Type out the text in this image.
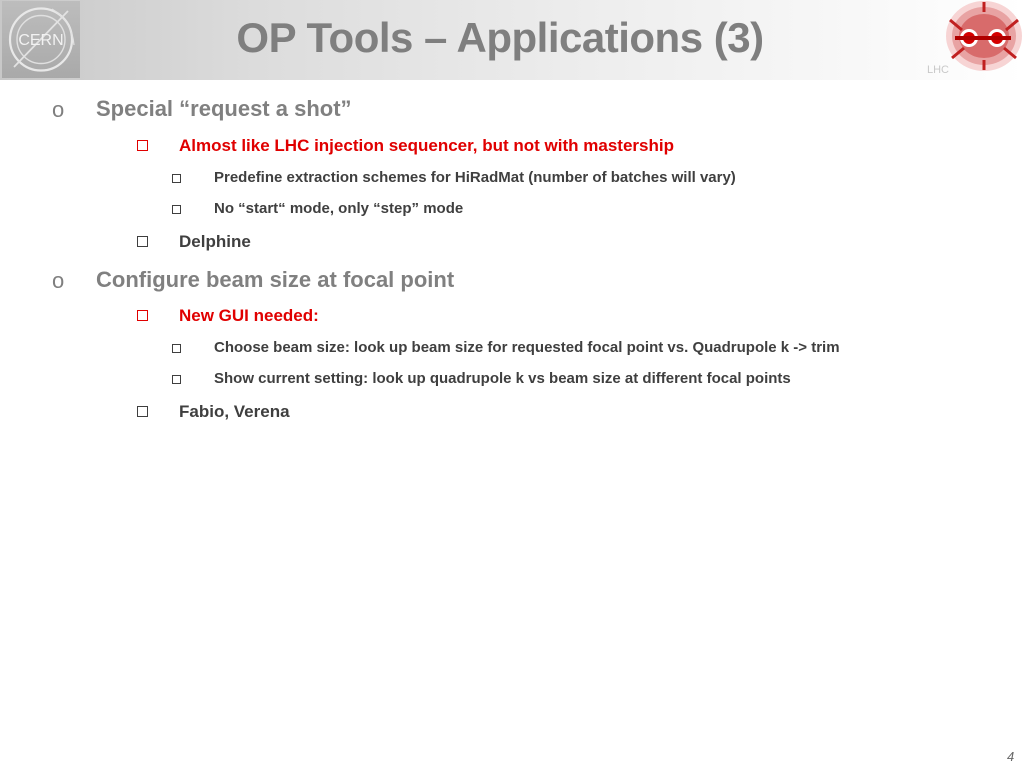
CERN	OP Tools – Applications (3)
LHC
o Special “request a shot”
Almost like LHC injection sequencer, but not with mastership
Predefine extraction schemes for HiRadMat (number of batches will vary)
No “start“ mode, only “step” mode
Delphine
o Configure beam size at focal point
New GUI needed:
Choose beam size: look up beam size for requested focal point vs. Quadrupole k -> trim
Show current setting: look up quadrupole k vs beam size at different focal points
Fabio, Verena
4
